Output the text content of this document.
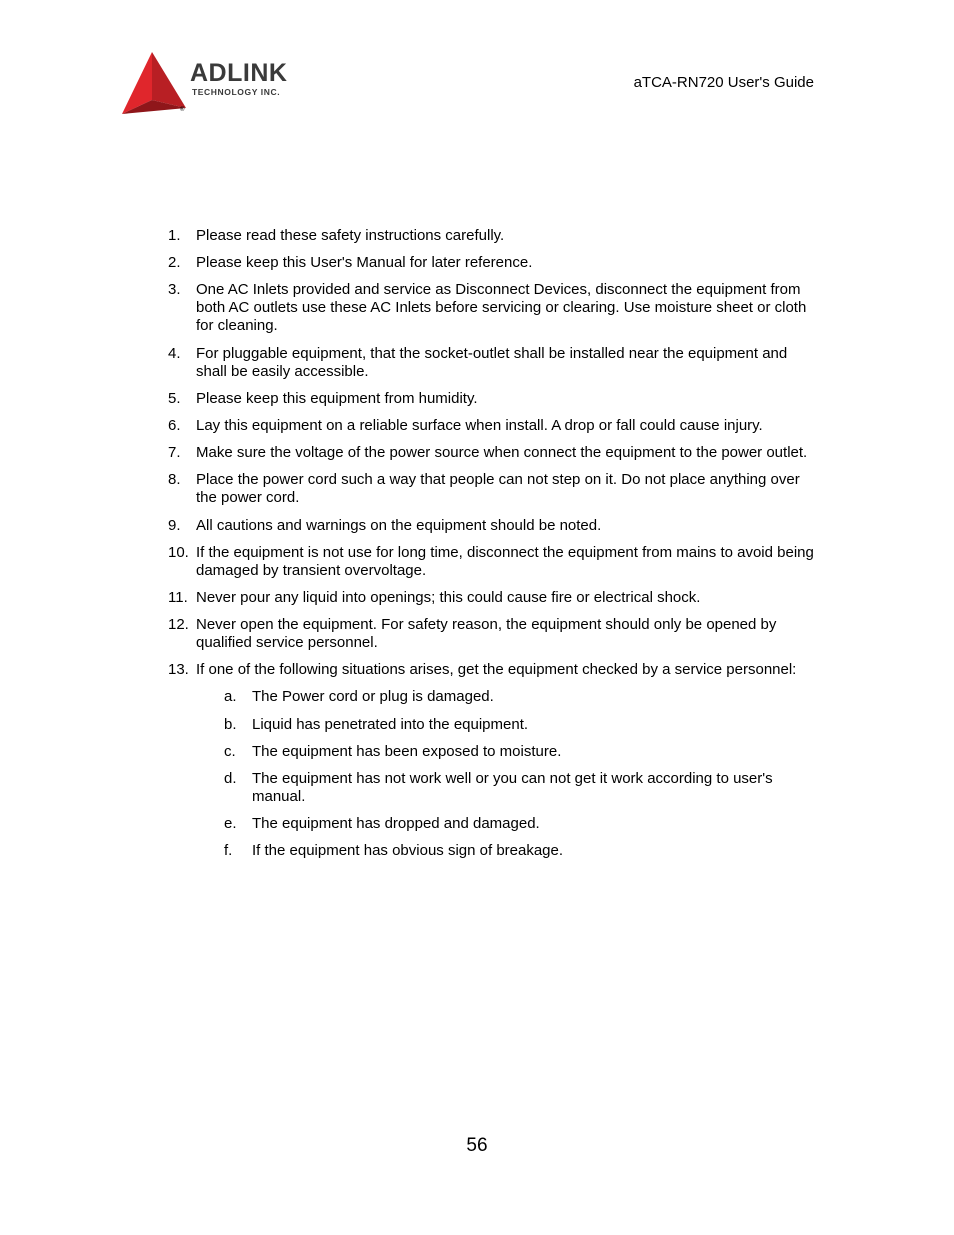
ADLINK
TECHNOLOGY INC.
®
aTCA-RN720 User's Guide
1. Please read these safety instructions carefully.
2. Please keep this User's Manual for later reference.
3. One AC Inlets provided and service as Disconnect Devices, disconnect the equipment from both AC outlets use these AC Inlets before servicing or clearing. Use moisture sheet or cloth for cleaning.
4. For pluggable equipment, that the socket-outlet shall be installed near the equipment and shall be easily accessible.
5. Please keep this equipment from humidity.
6. Lay this equipment on a reliable surface when install. A drop or fall could cause injury.
7. Make sure the voltage of the power source when connect the equipment to the power outlet.
8. Place the power cord such a way that people can not step on it. Do not place anything over the power cord.
9. All cautions and warnings on the equipment should be noted.
10. If the equipment is not use for long time, disconnect the equipment from mains to avoid being damaged by transient overvoltage.
11. Never pour any liquid into openings; this could cause fire or electrical shock.
12. Never open the equipment. For safety reason, the equipment should only be opened by qualified service personnel.
13. If one of the following situations arises, get the equipment checked by a service personnel:
a. The Power cord or plug is damaged.
b. Liquid has penetrated into the equipment.
c. The equipment has been exposed to moisture.
d. The equipment has not work well or you can not get it work according to user's manual.
e. The equipment has dropped and damaged.
f. If the equipment has obvious sign of breakage.
56
